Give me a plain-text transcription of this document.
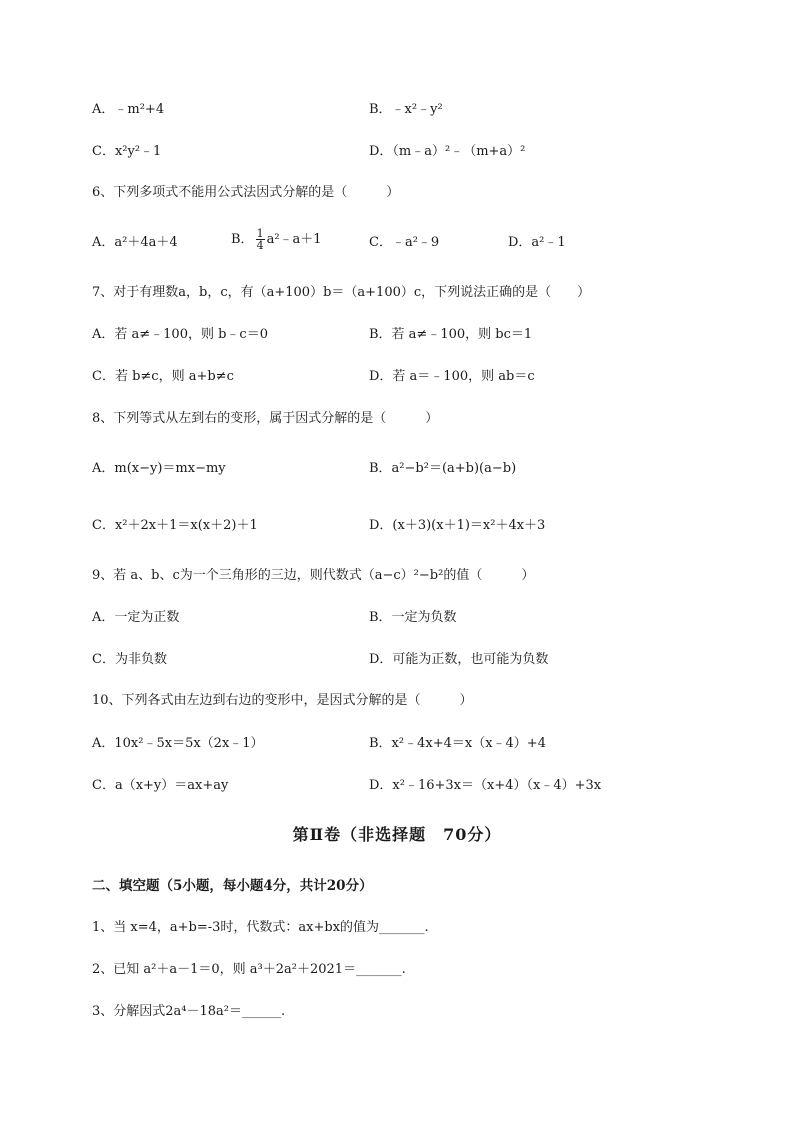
A．﹣m²+4	B．﹣x²﹣y²
C．x²y²﹣1	D．（m﹣a）²﹣（m+a）²
6、下列多项式不能用公式法因式分解的是（　　　）
A．a²＋4a＋4	B． $\frac{1}{4}$ a²﹣a＋1	C．﹣a²﹣9	D．a²﹣1
7、对于有理数a，b，c，有（a+100）b＝（a+100）c，下列说法正确的是（　　）
A．若 a≠﹣100，则 b﹣c＝0	B．若 a≠﹣100，则 bc＝1
C．若 b≠c，则 a+b≠c	D．若 a＝﹣100，则 ab＝c
8、下列等式从左到右的变形，属于因式分解的是（　　　）
A．m(x−y)＝mx−my	B．a²−b²＝(a+b)(a−b)
C．x²＋2x＋1＝x(x＋2)＋1	D．(x＋3)(x＋1)＝x²＋4x＋3
9、若 a、b、c为一个三角形的三边，则代数式（a−c）²−b²的值（　　　）
A．一定为正数	B．一定为负数
C．为非负数	D．可能为正数，也可能为负数
10、下列各式由左边到右边的变形中，是因式分解的是（　　　）
A．10x²﹣5x＝5x（2x﹣1）	B．x²﹣4x+4＝x（x﹣4）+4
C．a（x+y）＝ax+ay	D．x²﹣16+3x＝（x+4）（x﹣4）+3x
第Ⅱ卷（非选择题　70分）
二、填空题（5小题，每小题4分，共计20分）
1、当 x=4，a+b=-3时，代数式：ax+bx的值为_______.
2、已知 a²＋a－1＝0，则 a³＋2a²＋2021＝_______.
3、分解因式2a⁴－18a²＝______.
